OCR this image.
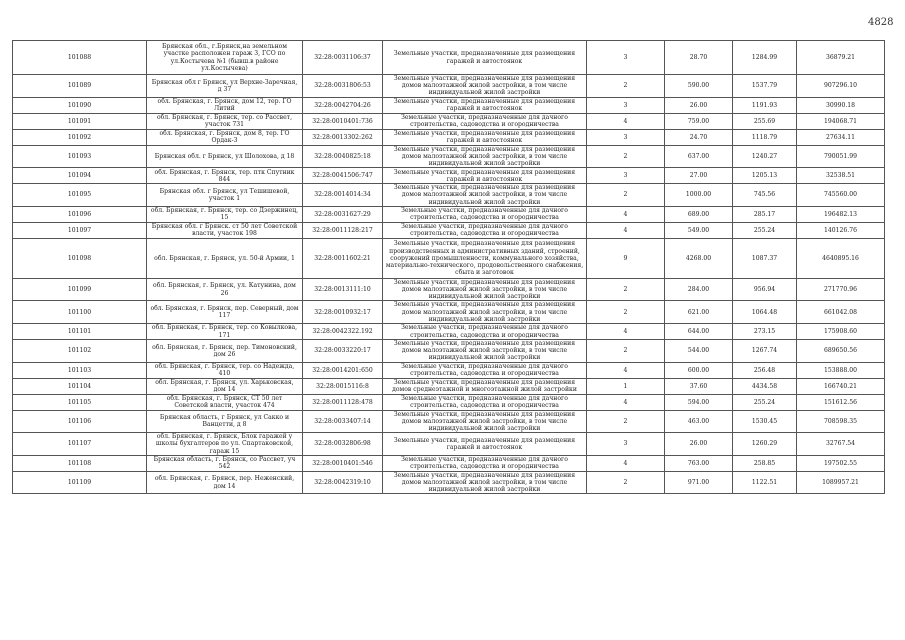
4828
101088	Брянская обл., г.Брянск,на земельном участке расположен гараж 3, ГСО по ул.Костычева №1 (бывш.в районе ул.Костычева)	32:28:0031106:37	Земельные участки, предназначенные для размещения гаражей и автостоянок	3	28.70	1284.99	36879.21
101089	Брянская обл г Брянск, ул Верхне-Заречная, д 37	32:28:0031806:53	Земельные участки, предназначенные для размещения домов малоэтажной жилой застройки, в том числе индивидуальной жилой застройки	2	590.00	1537.79	907296.10
101090	обл. Брянская, г. Брянск, дом 12, тер. ГО Литий	32:28:0042704:26	Земельные участки, предназначенные для размещения гаражей и автостоянок	3	26.00	1191.93	30990.18
101091	обл. Брянская, г. Брянск, тер. со Рассвет, участок 731	32:28:0010401:736	Земельные участки, предназначенные для дачного строительства, садоводства и огородничества	4	759.00	255.69	194068.71
101092	обл. Брянская, г. Брянск, дом 8, тер. ГО Ордак-3	32:28:0013302:262	Земельные участки, предназначенные для размещения гаражей и автостоянок	3	24.70	1118.79	27634.11
101093	Брянская обл. г Брянск, ул Шолохова, д 18	32:28:0040825:18	Земельные участки, предназначенные для размещения домов малоэтажной жилой застройки, в том числе индивидуальной жилой застройки	2	637.00	1240.27	790051.99
101094	обл. Брянская, г. Брянск, тер. птк Спутник 844	32:28:0041506:747	Земельные участки, предназначенные для размещения гаражей и автостоянок	3	27.00	1205.13	32538.51
101095	Брянская обл. г Брянск, ул Тешишевой, участок 1	32:28:0014014:34	Земельные участки, предназначенные для размещения домов малоэтажной жилой застройки, в том числе индивидуальной жилой застройки	2	1000.00	745.56	745560.00
101096	обл. Брянская, г. Брянск, тер. со Дзержинец, 15	32:28:0031627:29	Земельные участки, предназначенные для дачного строительства, садоводства и огородничества	4	689.00	285.17	196482.13
101097	Брянская обл. г Брянск. ст 50 лет Советской власти, участок 198	32:28:0011128:217	Земельные участки, предназначенные для дачного строительства, садоводства и огородничества	4	549.00	255.24	140126.76
101098	обл. Брянская, г. Брянск, ул. 50-й Армии, 1	32:28:0011602:21	Земельные участки, предназначенные для размещения производственных и административных зданий, строений, сооружений промышленности, коммунального хозяйства, материально-технического, продовольственного снабжения, сбыта и заготовок	9	4268.00	1087.37	4640895.16
101099	обл. Брянская, г. Брянск, ул. Катунина, дом 26	32:28:0013111:10	Земельные участки, предназначенные для размещения домов малоэтажной жилой застройки, в том числе индивидуальной жилой застройки	2	284.00	956.94	271770.96
101100	обл. Брянская, г. Брянск, пер. Северный, дом 117	32:28:0010932:17	Земельные участки, предназначенные для размещения домов малоэтажной жилой застройки, в том числе индивидуальной жилой застройки	2	621.00	1064.48	661042.08
101101	обл. Брянская, г. Брянск, тер. со Ковылкова, 171	32:28:0042322.192	Земельные участки, предназначенные для дачного строительства, садоводства и огородничества	4	644.00	273.15	175908.60
101102	обл. Брянская, г. Брянск, пер. Тимоновский, дом 26	32:28:0033220:17	Земельные участки, предназначенные для размещения домов малоэтажной жилой застройки, в том числе индивидуальной жилой застройки	2	544.00	1267.74	689650.56
101103	обл. Брянская, г. Брянск, тер. со Надежда, 410	32:28:0014201:650	Земельные участки, предназначенные для дачного строительства, садоводства и огородничества	4	600.00	256.48	153888.00
101104	обл. Брянская, г. Брянск, ул. Харьковская, дом 14	32:28:0015116:8	Земельные участки, предназначенные для размещения домов среднеэтажной и многоэтажной жилой застройки	1	37.60	4434.58	166740.21
101105	обл. Брянская, г. Брянск, СТ 50 лет Советской власти, участок 474	32:28:0011128:478	Земельные участки, предназначенные для дачного строительства, садоводства и огородничества	4	594.00	255.24	151612.56
101106	Брянская область, г Брянск, ул Сакко и Ванцетти, д 8	32:28:0033407:14	Земельные участки, предназначенные для размещения домов малоэтажной жилой застройки, в том числе индивидуальной жилой застройки	2	463.00	1530.45	708598.35
101107	обл. Брянская, г. Брянск, Блок гаражей у школы бухгалтеров по ул. Спартаковской, гараж 15	32:28:0032806:98	Земельные участки, предназначенные для размещения гаражей и автостоянок	3	26.00	1260.29	32767.54
101108	Брянская область, г. Брянск, со Рассвет, уч 542	32:28:0010401:546	Земельные участки, предназначенные для дачного строительства, садоводства и огородничества	4	763.00	258.85	197502.55
101109	обл. Брянская, г. Брянск, пер. Неженский, дом 14	32:28:0042319:10	Земельные участки, предназначенные для размещения домов малоэтажной жилой застройки, в том числе индивидуальной жилой застройки	2	971.00	1122.51	1089957.21
